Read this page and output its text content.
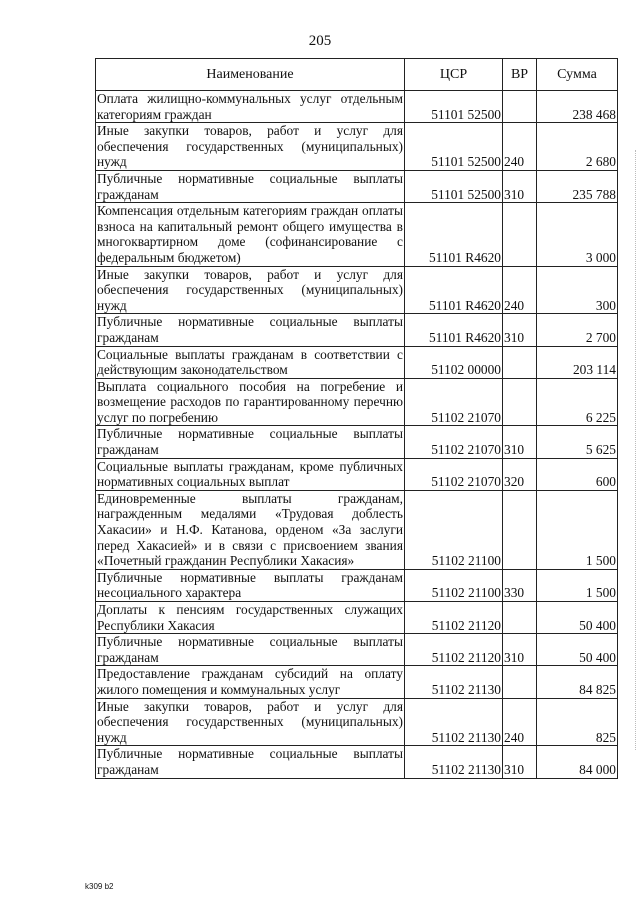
205
Наименование	ЦСР	ВР	Сумма
Оплата жилищно-коммунальных услуг отдельным категориям граждан	51101 52500		238 468
Иные закупки товаров, работ и услуг для обеспечения государственных (муниципальных) нужд	51101 52500	240	2 680
Публичные нормативные социальные выплаты гражданам	51101 52500	310	235 788
Компенсация отдельным категориям граждан оплаты взноса на капитальный ремонт общего имущества в многоквартирном доме (софинансирование с федеральным бюджетом)	51101 R4620		3 000
Иные закупки товаров, работ и услуг для обеспечения государственных (муниципальных) нужд	51101 R4620	240	300
Публичные нормативные социальные выплаты гражданам	51101 R4620	310	2 700
Социальные выплаты гражданам в соответствии с действующим законодательством	51102 00000		203 114
Выплата социального пособия на погребение и возмещение расходов по гарантированному перечню услуг по погребению	51102 21070		6 225
Публичные нормативные социальные выплаты гражданам	51102 21070	310	5 625
Социальные выплаты гражданам, кроме публичных нормативных социальных выплат	51102 21070	320	600
Единовременные выплаты гражданам, награжденным медалями «Трудовая доблесть Хакасии» и Н.Ф. Катанова, орденом «За заслуги перед Хакасией» и в связи с присвоением звания «Почетный гражданин Республики Хакасия»	51102 21100		1 500
Публичные нормативные выплаты гражданам несоциального характера	51102 21100	330	1 500
Доплаты к пенсиям государственных служащих Республики Хакасия	51102 21120		50 400
Публичные нормативные социальные выплаты гражданам	51102 21120	310	50 400
Предоставление гражданам субсидий на оплату жилого помещения и коммунальных услуг	51102 21130		84 825
Иные закупки товаров, работ и услуг для обеспечения государственных (муниципальных) нужд	51102 21130	240	825
Публичные нормативные социальные выплаты гражданам	51102 21130	310	84 000
k309 b2
